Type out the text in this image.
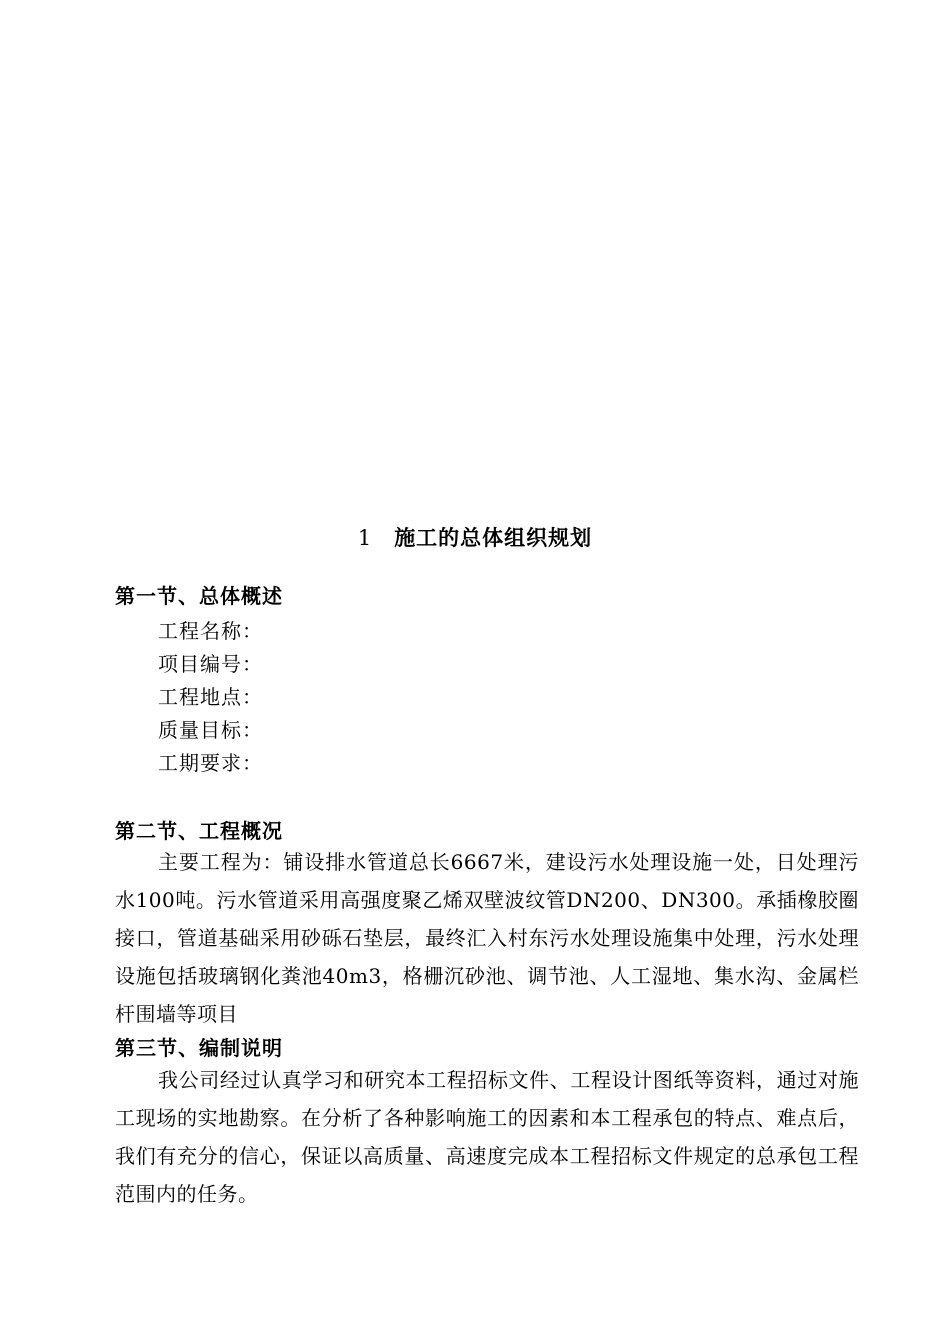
1 施工的总体组织规划
第一节、总体概述
工程名称：
项目编号：
工程地点：
质量目标：
工期要求：
第二节、工程概况
主要工程为：铺设排水管道总长6667米，建设污水处理设施一处，日处理污水100吨。污水管道采用高强度聚乙烯双壁波纹管DN200、DN300。承插橡胶圈接口，管道基础采用砂砾石垫层，最终汇入村东污水处理设施集中处理，污水处理设施包括玻璃钢化粪池40m3，格栅沉砂池、调节池、人工湿地、集水沟、金属栏杆围墙等项目
第三节、编制说明
我公司经过认真学习和研究本工程招标文件、工程设计图纸等资料，通过对施工现场的实地勘察。在分析了各种影响施工的因素和本工程承包的特点、难点后，我们有充分的信心，保证以高质量、高速度完成本工程招标文件规定的总承包工程范围内的任务。
